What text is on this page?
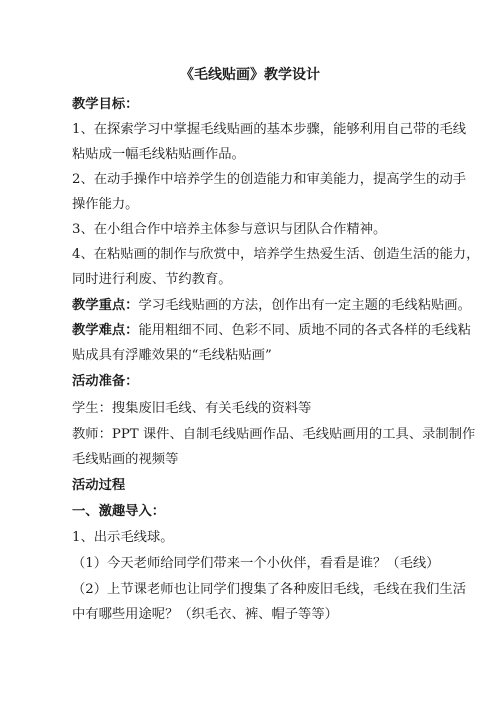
《毛线贴画》教学设计
教学目标：
1、在探索学习中掌握毛线贴画的基本步骤，能够利用自己带的毛线
粘贴成一幅毛线粘贴画作品。
2、在动手操作中培养学生的创造能力和审美能力，提高学生的动手
操作能力。
3、在小组合作中培养主体参与意识与团队合作精神。
4、在粘贴画的制作与欣赏中，培养学生热爱生活、创造生活的能力，
同时进行利废、节约教育。
教学重点：学习毛线贴画的方法，创作出有一定主题的毛线粘贴画。
教学难点：能用粗细不同、色彩不同、质地不同的各式各样的毛线粘
贴成具有浮雕效果的“毛线粘贴画”
活动准备：
学生：搜集废旧毛线、有关毛线的资料等
教师：PPT 课件、自制毛线贴画作品、毛线贴画用的工具、录制制作
毛线贴画的视频等
活动过程
一、激趣导入：
1、出示毛线球。
（1）今天老师给同学们带来一个小伙伴，看看是谁？（毛线）
（2）上节课老师也让同学们搜集了各种废旧毛线，毛线在我们生活
中有哪些用途呢？（织毛衣、裤、帽子等等）
